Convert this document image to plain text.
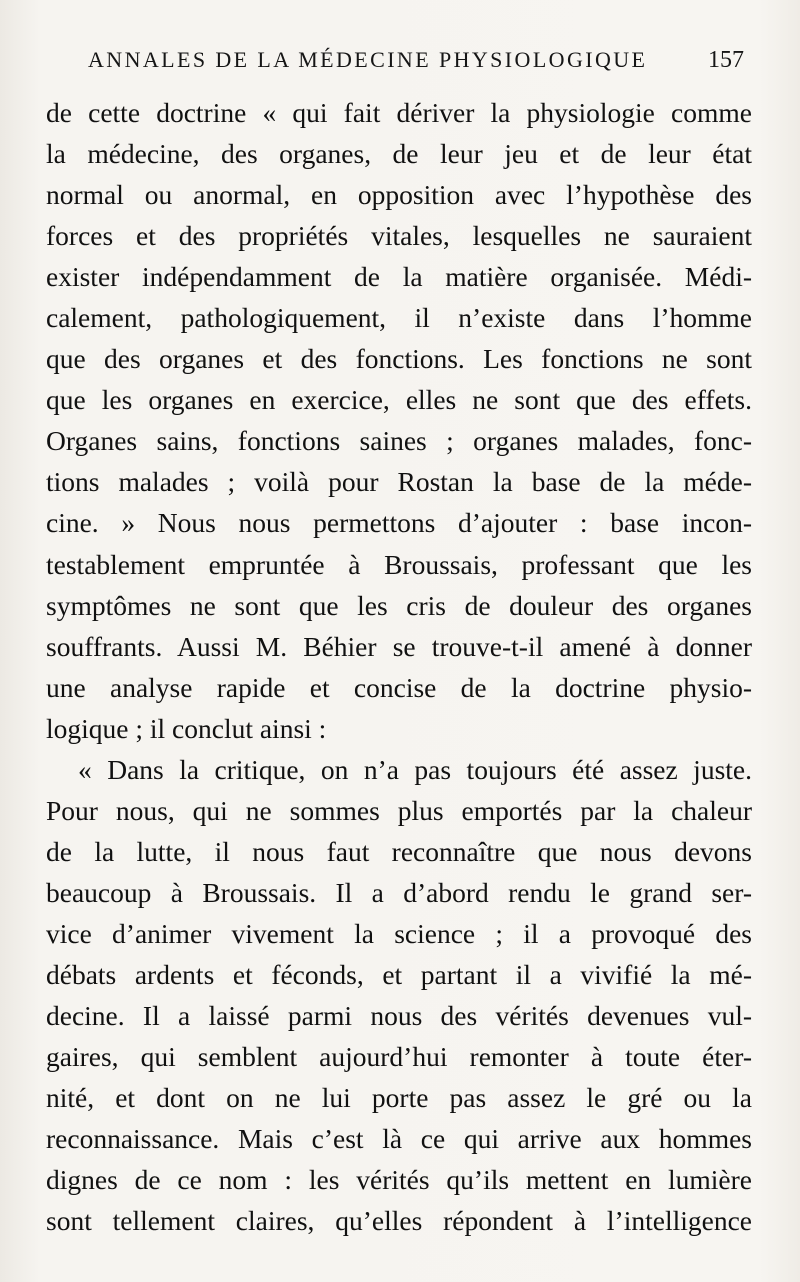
ANNALES DE LA MÉDECINE PHYSIOLOGIQUE	157
de cette doctrine « qui fait dériver la physiologie comme
la médecine, des organes, de leur jeu et de leur état
normal ou anormal, en opposition avec l’hypothèse des
forces et des propriétés vitales, lesquelles ne sauraient
exister indépendamment de la matière organisée. Médi-
calement, pathologiquement, il n’existe dans l’homme
que des organes et des fonctions. Les fonctions ne sont
que les organes en exercice, elles ne sont que des effets.
Organes sains, fonctions saines ; organes malades, fonc-
tions malades ; voilà pour Rostan la base de la méde-
cine. » Nous nous permettons d’ajouter : base incon-
testablement empruntée à Broussais, professant que les
symptômes ne sont que les cris de douleur des organes
souffrants. Aussi M. Béhier se trouve-t-il amené à donner
une analyse rapide et concise de la doctrine physio-
logique ; il conclut ainsi :
« Dans la critique, on n’a pas toujours été assez juste.
Pour nous, qui ne sommes plus emportés par la chaleur
de la lutte, il nous faut reconnaître que nous devons
beaucoup à Broussais. Il a d’abord rendu le grand ser-
vice d’animer vivement la science ; il a provoqué des
débats ardents et féconds, et partant il a vivifié la mé-
decine. Il a laissé parmi nous des vérités devenues vul-
gaires, qui semblent aujourd’hui remonter à toute éter-
nité, et dont on ne lui porte pas assez le gré ou la
reconnaissance. Mais c’est là ce qui arrive aux hommes
dignes de ce nom : les vérités qu’ils mettent en lumière
sont tellement claires, qu’elles répondent à l’intelligence
